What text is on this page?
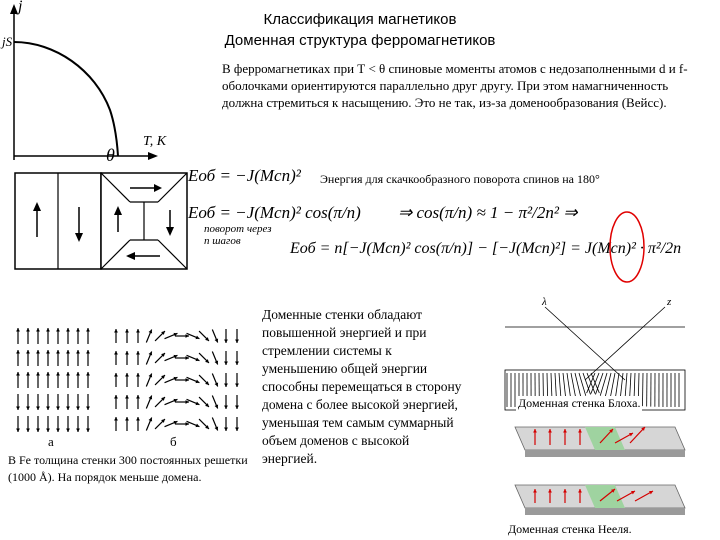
Классификация магнетиков
Доменная структура ферромагнетиков
j
jS
T, K
θ
В ферромагнетиках при Т < θ спиновые моменты атомов с недозаполненными d и f-оболочками ориентируются параллельно друг другу. При этом намагниченность должна стремиться к насыщению. Это не так, из-за доменообразования (Вейсс).
Eоб = −J(Mсп)² Энергия для скачкообразного поворота спинов на 180°
Eоб = −J(Mсп)² cos(π/n) ⇒ cos(π/n) ≈ 1 − π²/2n² ⇒
поворот через
n шагов	Eоб = n[−J(Mсп)² cos(π/n)] − [−J(Mсп)²] = J(Mсп)² · π²/2n
а	б
В Fe толщина стенки 300 постоянных решетки (1000 Å). На порядок меньше домена.
Доменные стенки обладают повышенной энергией и при стремлении системы к уменьшению общей энергии способны перемещаться в сторону домена с более высокой энергией, уменьшая тем самым суммарный объем доменов с высокой энергией.
λ	z
Доменная стенка Блоха.
Доменная стенка Нееля.
